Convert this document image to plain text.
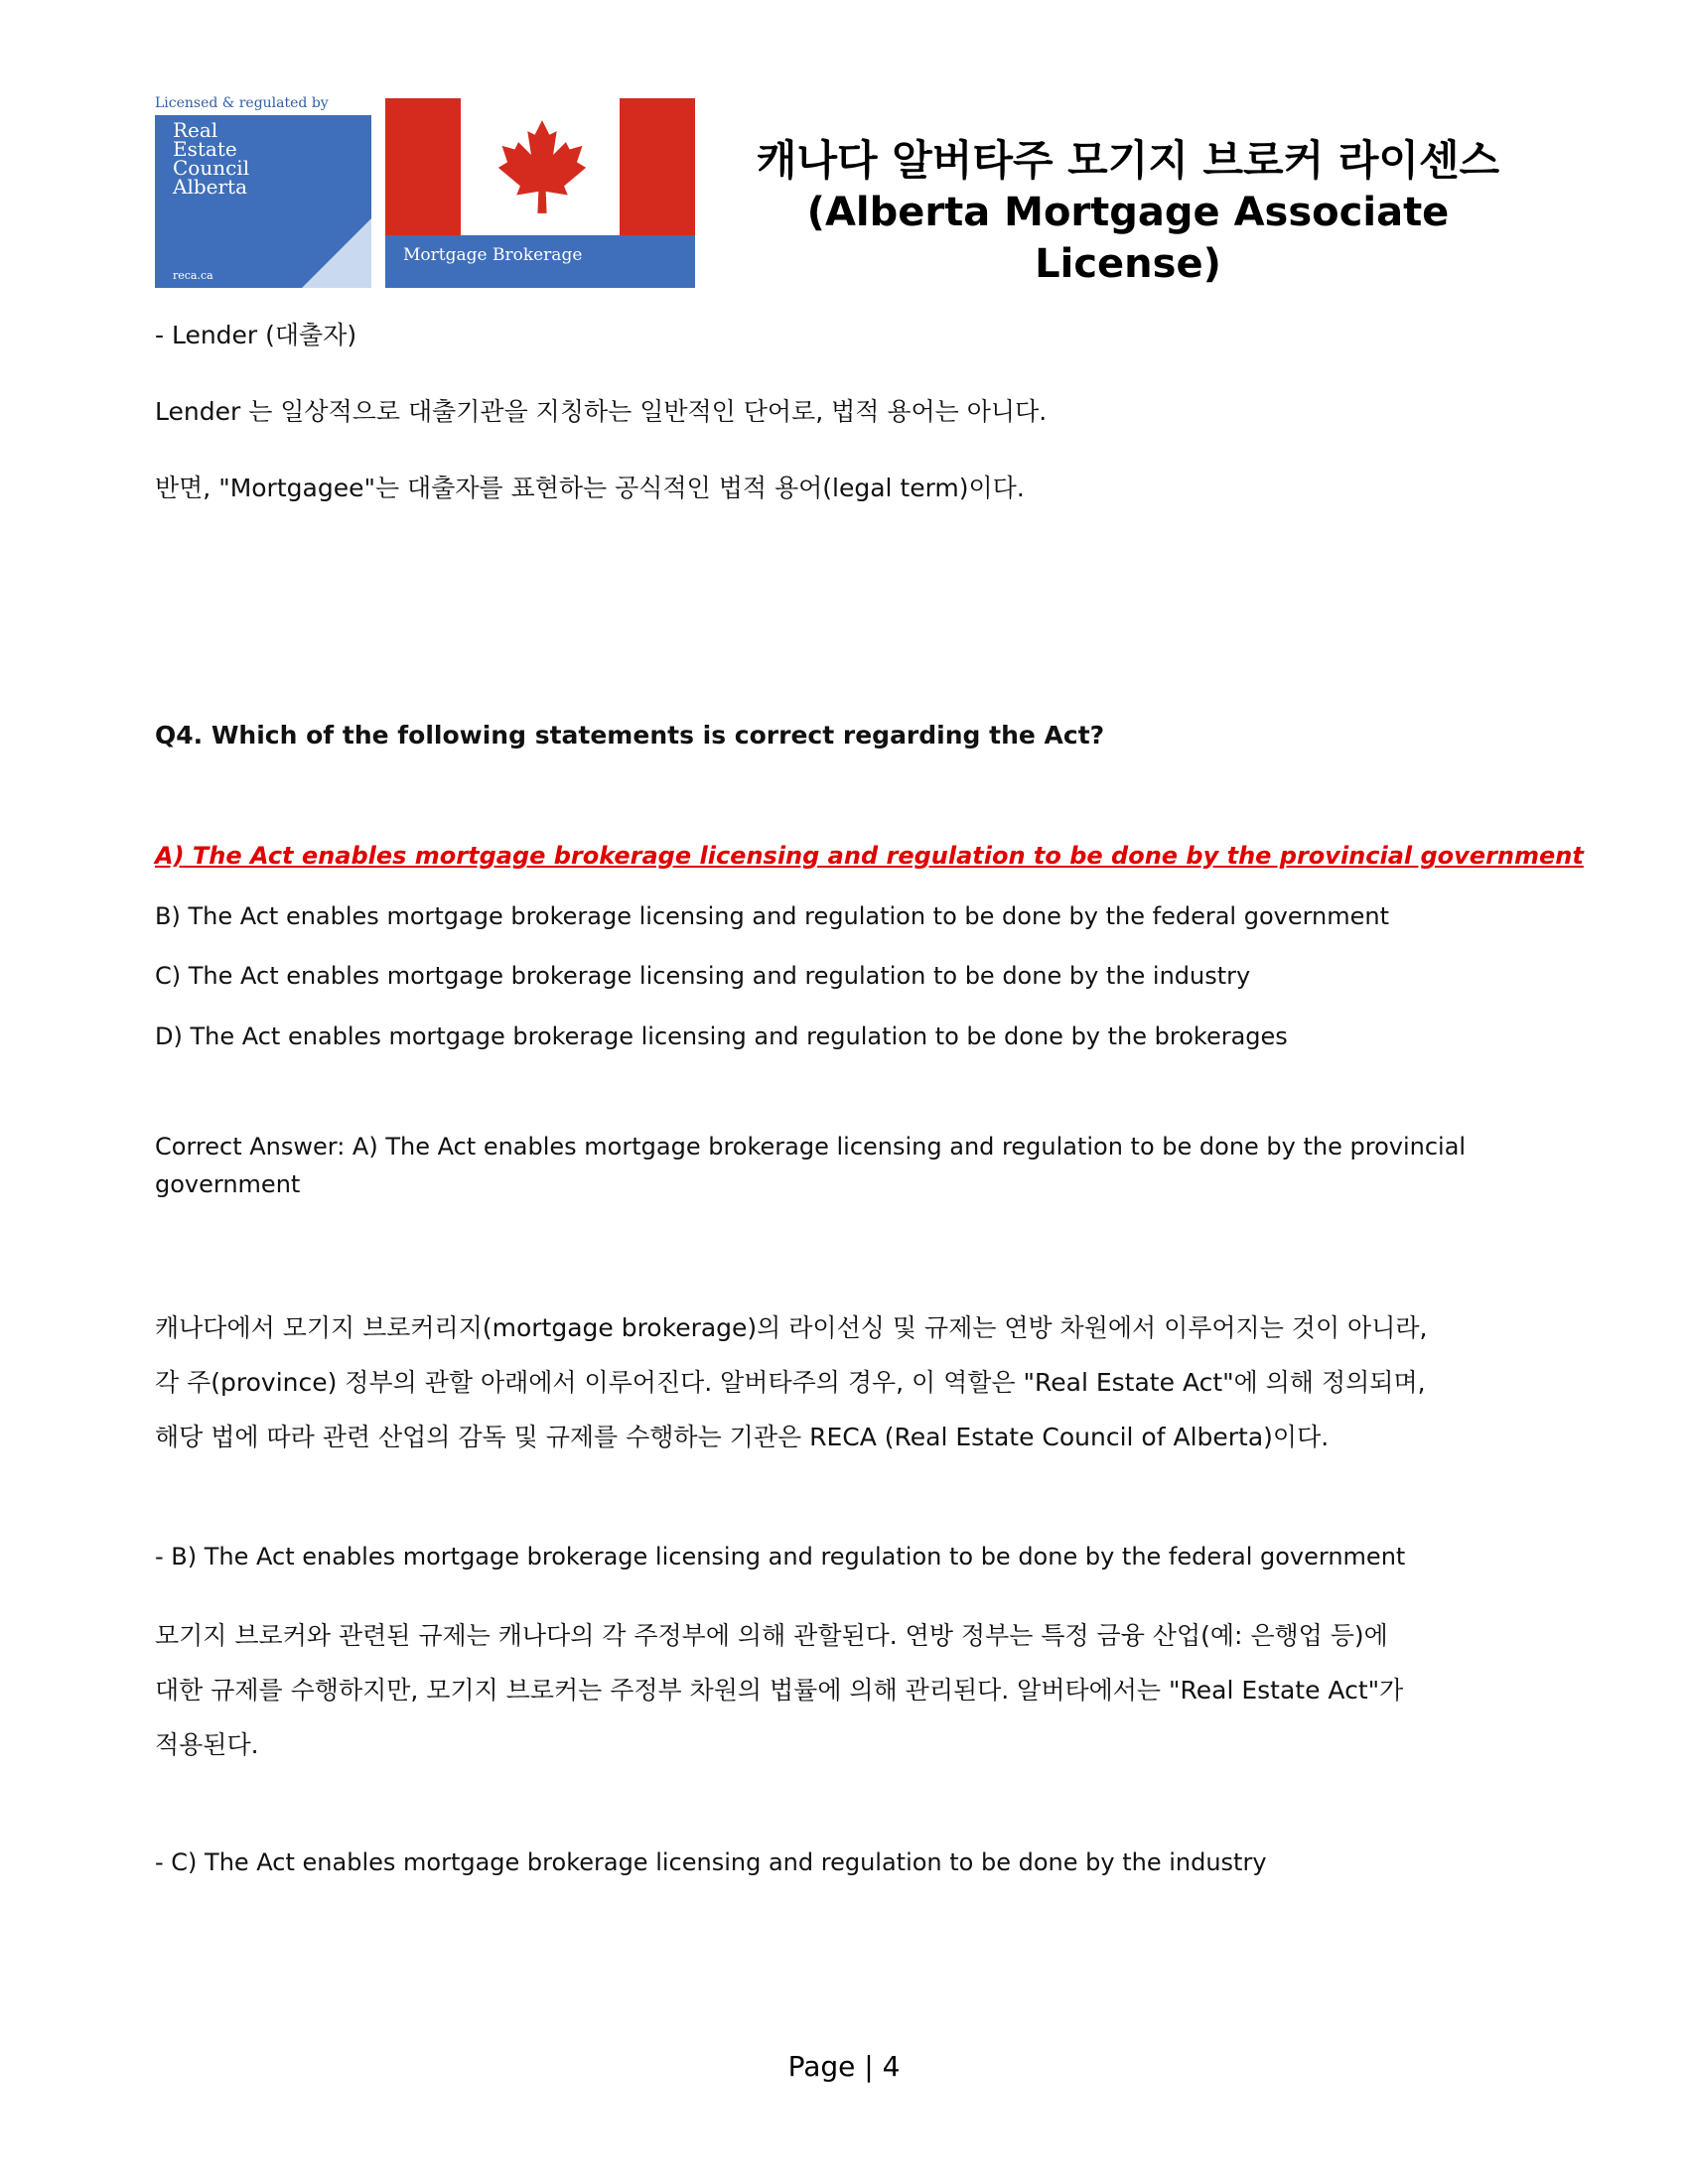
Licensed & regulated by
Real
Estate
Council
Alberta
reca.ca
Mortgage Brokerage
캐나다 알버타주 모기지 브로커 라이센스
(Alberta Mortgage Associate License)
- Lender (대출자)
Lender 는 일상적으로 대출기관을 지칭하는 일반적인 단어로, 법적 용어는 아니다.
반면, "Mortgagee"는 대출자를 표현하는 공식적인 법적 용어(legal term)이다.
Q4. Which of the following statements is correct regarding the Act?
A) The Act enables mortgage brokerage licensing and regulation to be done by the provincial government
B) The Act enables mortgage brokerage licensing and regulation to be done by the federal government
C) The Act enables mortgage brokerage licensing and regulation to be done by the industry
D) The Act enables mortgage brokerage licensing and regulation to be done by the brokerages
Correct Answer: A) The Act enables mortgage brokerage licensing and regulation to be done by the provincial
government
캐나다에서 모기지 브로커리지(mortgage brokerage)의 라이선싱 및 규제는 연방 차원에서 이루어지는 것이 아니라,
각 주(province) 정부의 관할 아래에서 이루어진다. 알버타주의 경우, 이 역할은 "Real Estate Act"에 의해 정의되며,
해당 법에 따라 관련 산업의 감독 및 규제를 수행하는 기관은 RECA (Real Estate Council of Alberta)이다.
- B) The Act enables mortgage brokerage licensing and regulation to be done by the federal government
모기지 브로커와 관련된 규제는 캐나다의 각 주정부에 의해 관할된다. 연방 정부는 특정 금융 산업(예: 은행업 등)에
대한 규제를 수행하지만, 모기지 브로커는 주정부 차원의 법률에 의해 관리된다. 알버타에서는 "Real Estate Act"가
적용된다.
- C) The Act enables mortgage brokerage licensing and regulation to be done by the industry
Page | 4
